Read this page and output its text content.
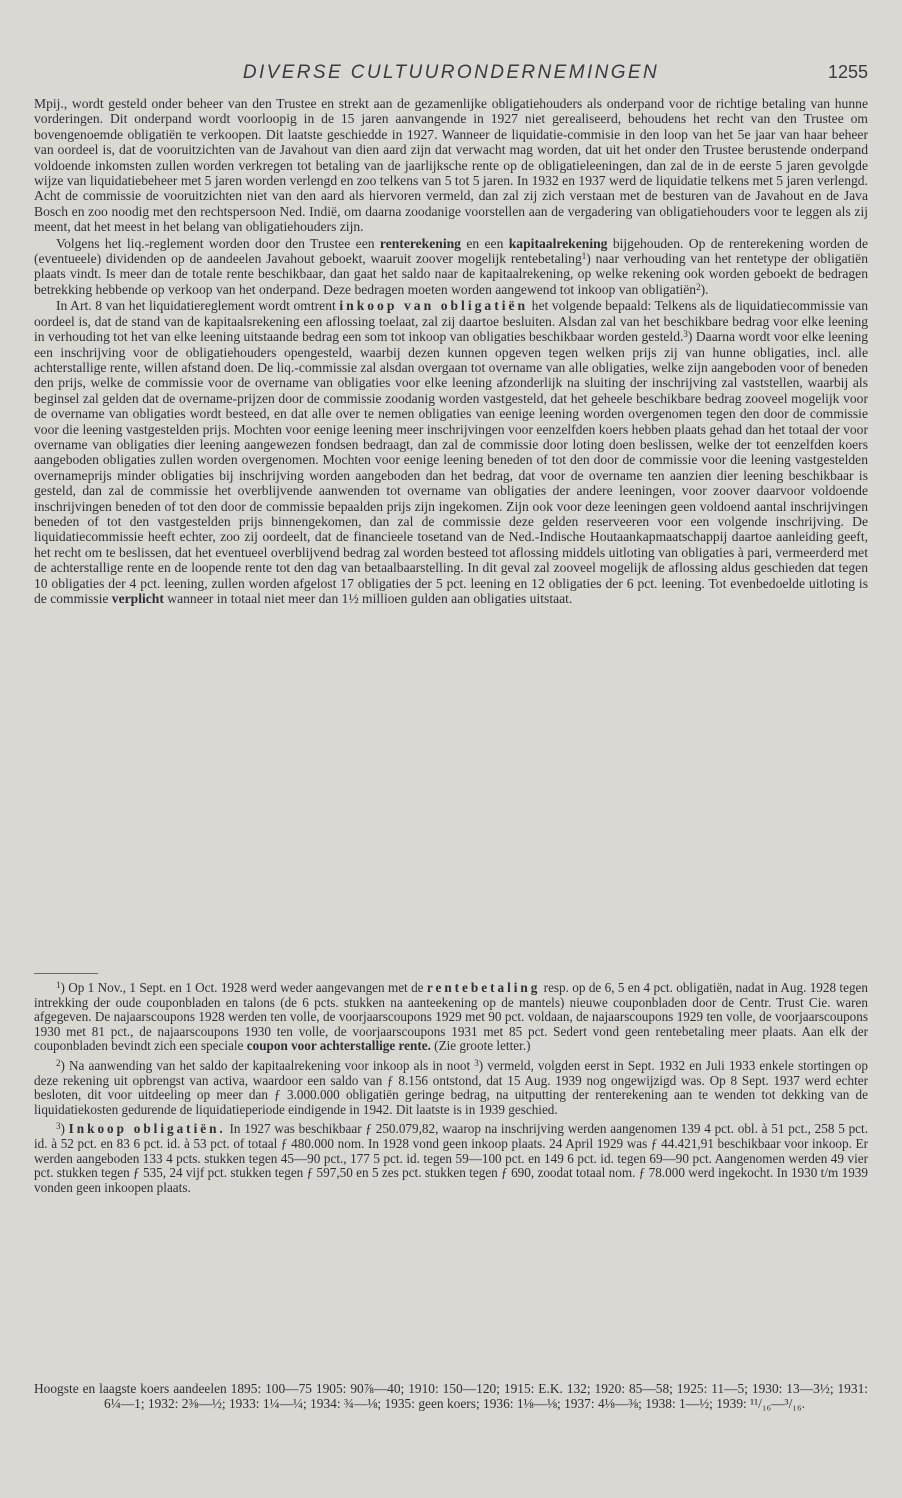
DIVERSE CULTUURONDERNEMINGEN	1255

Mpij., wordt gesteld onder beheer van den Trustee en strekt aan de gezamenlijke obligatiehouders als onderpand voor de richtige betaling van hunne vorderingen. Dit onderpand wordt voorloopig in de 15 jaren aanvangende in 1927 niet gerealiseerd, behoudens het recht van den Trustee om bovengenoemde obligatiën te verkoopen. Dit laatste geschiedde in 1927. Wanneer de liquidatie-commisie in den loop van het 5e jaar van haar beheer van oordeel is, dat de vooruitzichten van de Javahout van dien aard zijn dat verwacht mag worden, dat uit het onder den Trustee berustende onderpand voldoende inkomsten zullen worden verkregen tot betaling van de jaarlijksche rente op de obligatieleeningen, dan zal de in de eerste 5 jaren gevolgde wijze van liquidatiebeheer met 5 jaren worden verlengd en zoo telkens van 5 tot 5 jaren. In 1932 en 1937 werd de liquidatie telkens met 5 jaren verlengd. Acht de commissie de vooruitzichten niet van den aard als hiervoren vermeld, dan zal zij zich verstaan met de besturen van de Javahout en de Java Bosch en zoo noodig met den rechtspersoon Ned. Indië, om daarna zoodanige voorstellen aan de vergadering van obligatiehouders voor te leggen als zij meent, dat het meest in het belang van obligatiehouders zijn.

Volgens het liq.-reglement worden door den Trustee een renterekening en een kapitaalrekening bijgehouden. Op de renterekening worden de (eventueele) dividenden op de aandeelen Javahout geboekt, waaruit zoover mogelijk rentebetaling$^1$) naar verhouding van het rentetype der obligatiën plaats vindt. Is meer dan de totale rente beschikbaar, dan gaat het saldo naar de kapitaalrekening, op welke rekening ook worden geboekt de bedragen betrekking hebbende op verkoop van het onderpand. Deze bedragen moeten worden aangewend tot inkoop van obligatiën$^2$).

In Art. 8 van het liquidatiereglement wordt omtrent inkoop van obligatiën het volgende bepaald: Telkens als de liquidatiecommissie van oordeel is, dat de stand van de kapitaalsrekening een aflossing toelaat, zal zij daartoe besluiten. Alsdan zal van het beschikbare bedrag voor elke leening in verhouding tot het van elke leening uitstaande bedrag een som tot inkoop van obligaties beschikbaar worden gesteld.$^3$) Daarna wordt voor elke leening een inschrijving voor de obligatiehouders opengesteld, waarbij dezen kunnen opgeven tegen welken prijs zij van hunne obligaties, incl. alle achterstallige rente, willen afstand doen. De liq.-commissie zal alsdan overgaan tot overname van alle obligaties, welke zijn aangeboden voor of beneden den prijs, welke de commissie voor de overname van obligaties voor elke leening afzonderlijk na sluiting der inschrijving zal vaststellen, waarbij als beginsel zal gelden dat de overname-prijzen door de commissie zoodanig worden vastgesteld, dat het geheele beschikbare bedrag zooveel mogelijk voor de overname van obligaties wordt besteed, en dat alle over te nemen obligaties van eenige leening worden overgenomen tegen den door de commissie voor die leening vastgestelden prijs. Mochten voor eenige leening meer inschrijvingen voor eenzelfden koers hebben plaats gehad dan het totaal der voor overname van obligaties dier leening aangewezen fondsen bedraagt, dan zal de commissie door loting doen beslissen, welke der tot eenzelfden koers aangeboden obligaties zullen worden overgenomen. Mochten voor eenige leening beneden of tot den door de commissie voor die leening vastgestelden overnameprijs minder obligaties bij inschrijving worden aangeboden dan het bedrag, dat voor de overname ten aanzien dier leening beschikbaar is gesteld, dan zal de commissie het overblijvende aanwenden tot overname van obligaties der andere leeningen, voor zoover daarvoor voldoende inschrijvingen beneden of tot den door de commissie bepaalden prijs zijn ingekomen. Zijn ook voor deze leeningen geen voldoend aantal inschrijvingen beneden of tot den vastgestelden prijs binnengekomen, dan zal de commissie deze gelden reserveeren voor een volgende inschrijving. De liquidatiecommissie heeft echter, zoo zij oordeelt, dat de financieele tosetand van de Ned.-Indische Houtaankapmaatschappij daartoe aanleiding geeft, het recht om te beslissen, dat het eventueel overblijvend bedrag zal worden besteed tot aflossing middels uitloting van obligaties à pari, vermeerderd met de achterstallige rente en de loopende rente tot den dag van betaalbaarstelling. In dit geval zal zooveel mogelijk de aflossing aldus geschieden dat tegen 10 obligaties der 4 pct. leening, zullen worden afgelost 17 obligaties der 5 pct. leening en 12 obligaties der 6 pct. leening. Tot evenbedoelde uitloting is de commissie verplicht wanneer in totaal niet meer dan 1½ millioen gulden aan obligaties uitstaat.

$^1$) Op 1 Nov., 1 Sept. en 1 Oct. 1928 werd weder aangevangen met de rentebetaling resp. op de 6, 5 en 4 pct. obligatiën, nadat in Aug. 1928 tegen intrekking der oude couponbladen en talons (de 6 pcts. stukken na aanteekening op de mantels) nieuwe couponbladen door de Centr. Trust Cie. waren afgegeven. De najaarscoupons 1928 werden ten volle, de voorjaarscoupons 1929 met 90 pct. voldaan, de najaarscoupons 1929 ten volle, de voorjaarscoupons 1930 met 81 pct., de najaarscoupons 1930 ten volle, de voorjaarscoupons 1931 met 85 pct. Sedert vond geen rentebetaling meer plaats. Aan elk der couponbladen bevindt zich een speciale coupon voor achterstallige rente. (Zie groote letter.)

$^2$) Na aanwending van het saldo der kapitaalrekening voor inkoop als in noot $^3$) vermeld, volgden eerst in Sept. 1932 en Juli 1933 enkele stortingen op deze rekening uit opbrengst van activa, waardoor een saldo van ƒ 8.156 ontstond, dat 15 Aug. 1939 nog ongewijzigd was. Op 8 Sept. 1937 werd echter besloten, dit voor uitdeeling op meer dan ƒ 3.000.000 obligatiën geringe bedrag, na uitputting der renterekening aan te wenden tot dekking van de liquidatiekosten gedurende de liquidatieperiode eindigende in 1942. Dit laatste is in 1939 geschied.

$^3$) Inkoop obligatiën. In 1927 was beschikbaar ƒ 250.079,82, waarop na inschrijving werden aangenomen 139 4 pct. obl. à 51 pct., 258 5 pct. id. à 52 pct. en 83 6 pct. id. à 53 pct. of totaal ƒ 480.000 nom. In 1928 vond geen inkoop plaats. 24 April 1929 was ƒ 44.421,91 beschikbaar voor inkoop. Er werden aangeboden 133 4 pcts. stukken tegen 45—90 pct., 177 5 pct. id. tegen 59—100 pct. en 149 6 pct. id. tegen 69—90 pct. Aangenomen werden 49 vier pct. stukken tegen ƒ 535, 24 vijf pct. stukken tegen ƒ 597,50 en 5 zes pct. stukken tegen ƒ 690, zoodat totaal nom. ƒ 78.000 werd ingekocht. In 1930 t/m 1939 vonden geen inkoopen plaats.

Hoogste en laagste koers aandeelen 1895: 100—75 1905: 90⅞—40; 1910: 150—120; 1915: E.K. 132; 1920: 85—58; 1925: 11—5; 1930: 13—3½; 1931: 6¼—1; 1932: 2⅜—½; 1933: 1¼—¼; 1934: ¾—⅛; 1935: geen koers; 1936: 1⅛—⅛; 1937: 4⅛—⅜; 1938: 1—½; 1939: ¹¹/₁₆—³/₁₆.
